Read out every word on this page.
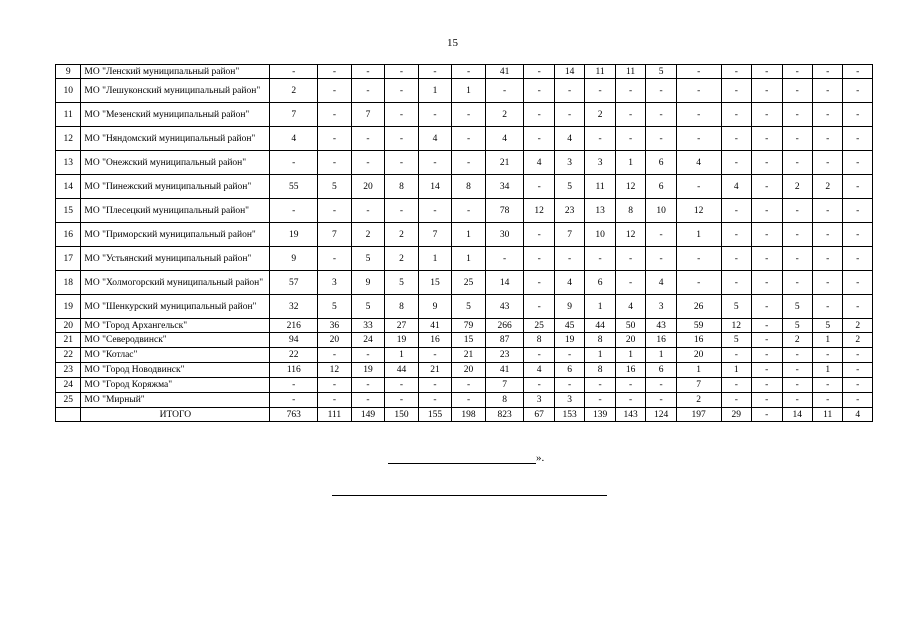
15
9	МО "Ленский муниципальный район"	-	-	-	-	-	-	41	-	14	11	11	5	-	-	-	-	-	-
10	МО "Лешуконский муниципальный район"	2	-	-	-	1	1	-	-	-	-	-	-	-	-	-	-	-	-
11	МО "Мезенский муниципальный район"	7	-	7	-	-	-	2	-	-	2	-	-	-	-	-	-	-	-
12	МО "Няндомский муниципальный район"	4	-	-	-	4	-	4	-	4	-	-	-	-	-	-	-	-	-
13	МО "Онежский муниципальный район"	-	-	-	-	-	-	21	4	3	3	1	6	4	-	-	-	-	-
14	МО "Пинежский муниципальный район"	55	5	20	8	14	8	34	-	5	11	12	6	-	4	-	2	2	-
15	МО "Плесецкий муниципальный район"	-	-	-	-	-	-	78	12	23	13	8	10	12	-	-	-	-	-
16	МО "Приморский муниципальный район"	19	7	2	2	7	1	30	-	7	10	12	-	1	-	-	-	-	-
17	МО "Устьянский муниципальный район"	9	-	5	2	1	1	-	-	-	-	-	-	-	-	-	-	-	-
18	МО "Холмогорский муниципальный район"	57	3	9	5	15	25	14	-	4	6	-	4	-	-	-	-	-	-
19	МО "Шенкурский муниципальный район"	32	5	5	8	9	5	43	-	9	1	4	3	26	5	-	5	-	-
20	МО "Город Архангельск"	216	36	33	27	41	79	266	25	45	44	50	43	59	12	-	5	5	2
21	МО "Северодвинск"	94	20	24	19	16	15	87	8	19	8	20	16	16	5	-	2	1	2
22	МО "Котлас"	22	-	-	1	-	21	23	-	-	1	1	1	20	-	-	-	-	-
23	МО "Город Новодвинск"	116	12	19	44	21	20	41	4	6	8	16	6	1	1	-	-	1	-
24	МО "Город Коряжма"	-	-	-	-	-	-	7	-	-	-	-	-	7	-	-	-	-	-
25	МО "Мирный"	-	-	-	-	-	-	8	3	3	-	-	-	2	-	-	-	-	-
	ИТОГО	763	111	149	150	155	198	823	67	153	139	143	124	197	29	-	14	11	4
».
